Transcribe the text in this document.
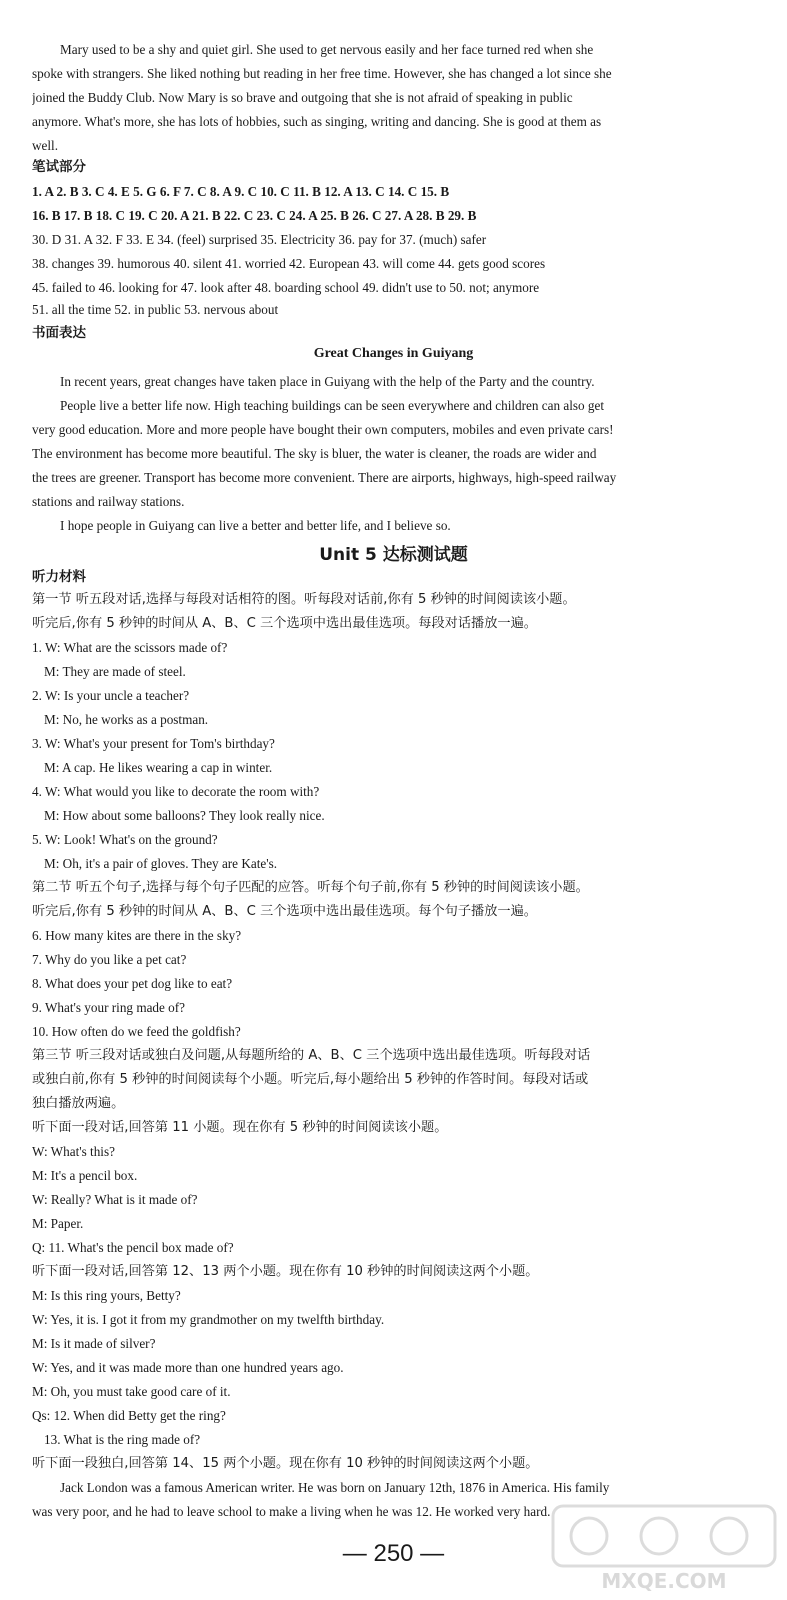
Mary used to be a shy and quiet girl. She used to get nervous easily and her face turned red when she
spoke with strangers. She liked nothing but reading in her free time. However, she has changed a lot since she
joined the Buddy Club. Now Mary is so brave and outgoing that she is not afraid of speaking in public
anymore. What's more, she has lots of hobbies, such as singing, writing and dancing. She is good at them as
well.
笔试部分
1. A 2. B 3. C 4. E 5. G 6. F 7. C 8. A 9. C 10. C 11. B 12. A 13. C 14. C 15. B
16. B 17. B 18. C 19. C 20. A 21. B 22. C 23. C 24. A 25. B 26. C 27. A 28. B 29. B
30. D 31. A 32. F 33. E 34. (feel) surprised 35. Electricity 36. pay for 37. (much) safer
38. changes 39. humorous 40. silent 41. worried 42. European 43. will come 44. gets good scores
45. failed to 46. looking for 47. look after 48. boarding school 49. didn't use to 50. not; anymore
51. all the time 52. in public 53. nervous about
书面表达
Great Changes in Guiyang
In recent years, great changes have taken place in Guiyang with the help of the Party and the country.
People live a better life now. High teaching buildings can be seen everywhere and children can also get
very good education. More and more people have bought their own computers, mobiles and even private cars!
The environment has become more beautiful. The sky is bluer, the water is cleaner, the roads are wider and
the trees are greener. Transport has become more convenient. There are airports, highways, high-speed railway
stations and railway stations.
I hope people in Guiyang can live a better and better life, and I believe so.
Unit 5 达标测试题
听力材料
第一节 听五段对话,选择与每段对话相符的图。听每段对话前,你有 5 秒钟的时间阅读该小题。
听完后,你有 5 秒钟的时间从 A、B、C 三个选项中选出最佳选项。每段对话播放一遍。
1. W: What are the scissors made of?
M: They are made of steel.
2. W: Is your uncle a teacher?
M: No, he works as a postman.
3. W: What's your present for Tom's birthday?
M: A cap. He likes wearing a cap in winter.
4. W: What would you like to decorate the room with?
M: How about some balloons? They look really nice.
5. W: Look! What's on the ground?
M: Oh, it's a pair of gloves. They are Kate's.
第二节 听五个句子,选择与每个句子匹配的应答。听每个句子前,你有 5 秒钟的时间阅读该小题。
听完后,你有 5 秒钟的时间从 A、B、C 三个选项中选出最佳选项。每个句子播放一遍。
6. How many kites are there in the sky?
7. Why do you like a pet cat?
8. What does your pet dog like to eat?
9. What's your ring made of?
10. How often do we feed the goldfish?
第三节 听三段对话或独白及问题,从每题所给的 A、B、C 三个选项中选出最佳选项。听每段对话
或独白前,你有 5 秒钟的时间阅读每个小题。听完后,每小题给出 5 秒钟的作答时间。每段对话或
独白播放两遍。
听下面一段对话,回答第 11 小题。现在你有 5 秒钟的时间阅读该小题。
W: What's this?
M: It's a pencil box.
W: Really? What is it made of?
M: Paper.
Q: 11. What's the pencil box made of?
听下面一段对话,回答第 12、13 两个小题。现在你有 10 秒钟的时间阅读这两个小题。
M: Is this ring yours, Betty?
W: Yes, it is. I got it from my grandmother on my twelfth birthday.
M: Is it made of silver?
W: Yes, and it was made more than one hundred years ago.
M: Oh, you must take good care of it.
Qs: 12. When did Betty get the ring?
13. What is the ring made of?
听下面一段独白,回答第 14、15 两个小题。现在你有 10 秒钟的时间阅读这两个小题。
Jack London was a famous American writer. He was born on January 12th, 1876 in America. His family
was very poor, and he had to leave school to make a living when he was 12. He worked very hard.
— 250 —
MXQE.COM
